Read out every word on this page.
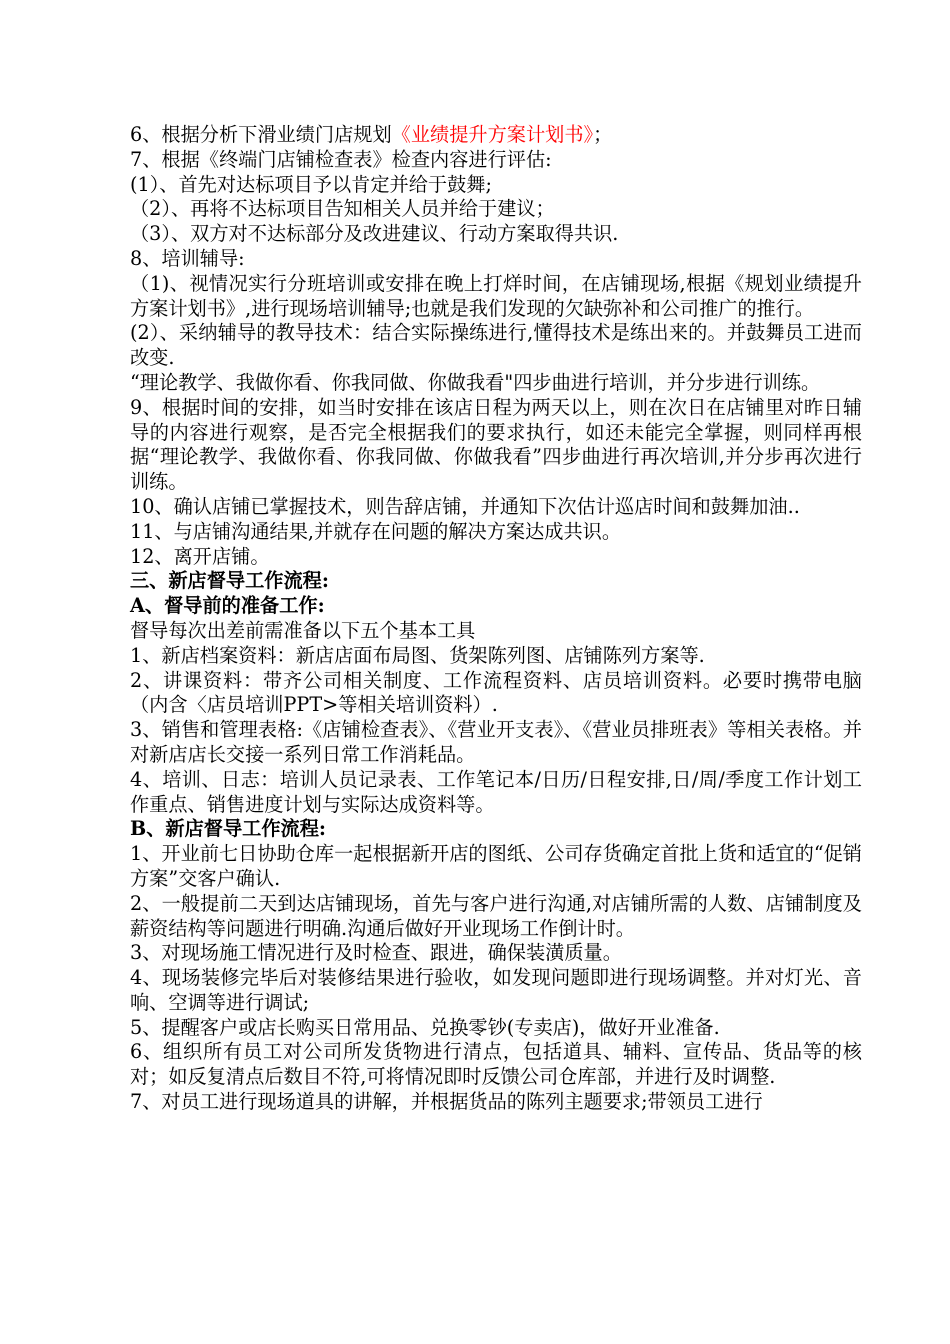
6、根据分析下滑业绩门店规划《业绩提升方案计划书》；

7、根据《终端门店铺检查表》检查内容进行评估:

(1）、首先对达标项目予以肯定并给于鼓舞;

（2）、再将不达标项目告知相关人员并给于建议；

（3）、双方对不达标部分及改进建议、行动方案取得共识.

8、培训辅导:

（1)、视情况实行分班培训或安排在晚上打烊时间，在店铺现场,根据《规划业绩提升方案计划书》,进行现场培训辅导;也就是我们发现的欠缺弥补和公司推广的推行。

(2）、采纳辅导的教导技术：结合实际操练进行,懂得技术是练出来的。并鼓舞员工进而改变.

“理论教学、我做你看、你我同做、你做我看"四步曲进行培训，并分步进行训练。

9、根据时间的安排，如当时安排在该店日程为两天以上，则在次日在店铺里对昨日辅导的内容进行观察，是否完全根据我们的要求执行，如还未能完全掌握，则同样再根据“理论教学、我做你看、你我同做、你做我看”四步曲进行再次培训,并分步再次进行训练。

10、确认店铺已掌握技术，则告辞店铺，并通知下次估计巡店时间和鼓舞加油..

11、与店铺沟通结果,并就存在问题的解决方案达成共识。

12、离开店铺。

三、新店督导工作流程:

A、督导前的准备工作:

督导每次出差前需准备以下五个基本工具

1、新店档案资料：新店店面布局图、货架陈列图、店铺陈列方案等.

2、讲课资料：带齐公司相关制度、工作流程资料、店员培训资料。必要时携带电脑（内含〈店员培训PPT>等相关培训资料）.

3、销售和管理表格:《店铺检查表》、《营业开支表》、《营业员排班表》等相关表格。并对新店店长交接一系列日常工作消耗品。

4、培训、日志：培训人员记录表、工作笔记本/日历/日程安排,日/周/季度工作计划工作重点、销售进度计划与实际达成资料等。

B、新店督导工作流程:

1、开业前七日协助仓库一起根据新开店的图纸、公司存货确定首批上货和适宜的“促销方案”交客户确认.

2、一般提前二天到达店铺现场，首先与客户进行沟通,对店铺所需的人数、店铺制度及薪资结构等问题进行明确.沟通后做好开业现场工作倒计时。

3、对现场施工情况进行及时检查、跟进，确保装潢质量。

4、现场装修完毕后对装修结果进行验收，如发现问题即进行现场调整。并对灯光、音响、空调等进行调试;

5、提醒客户或店长购买日常用品、兑换零钞(专卖店)，做好开业准备.

6、组织所有员工对公司所发货物进行清点，包括道具、辅料、宣传品、货品等的核对；如反复清点后数目不符,可将情况即时反馈公司仓库部，并进行及时调整.

7、对员工进行现场道具的讲解，并根据货品的陈列主题要求;带领员工进行
